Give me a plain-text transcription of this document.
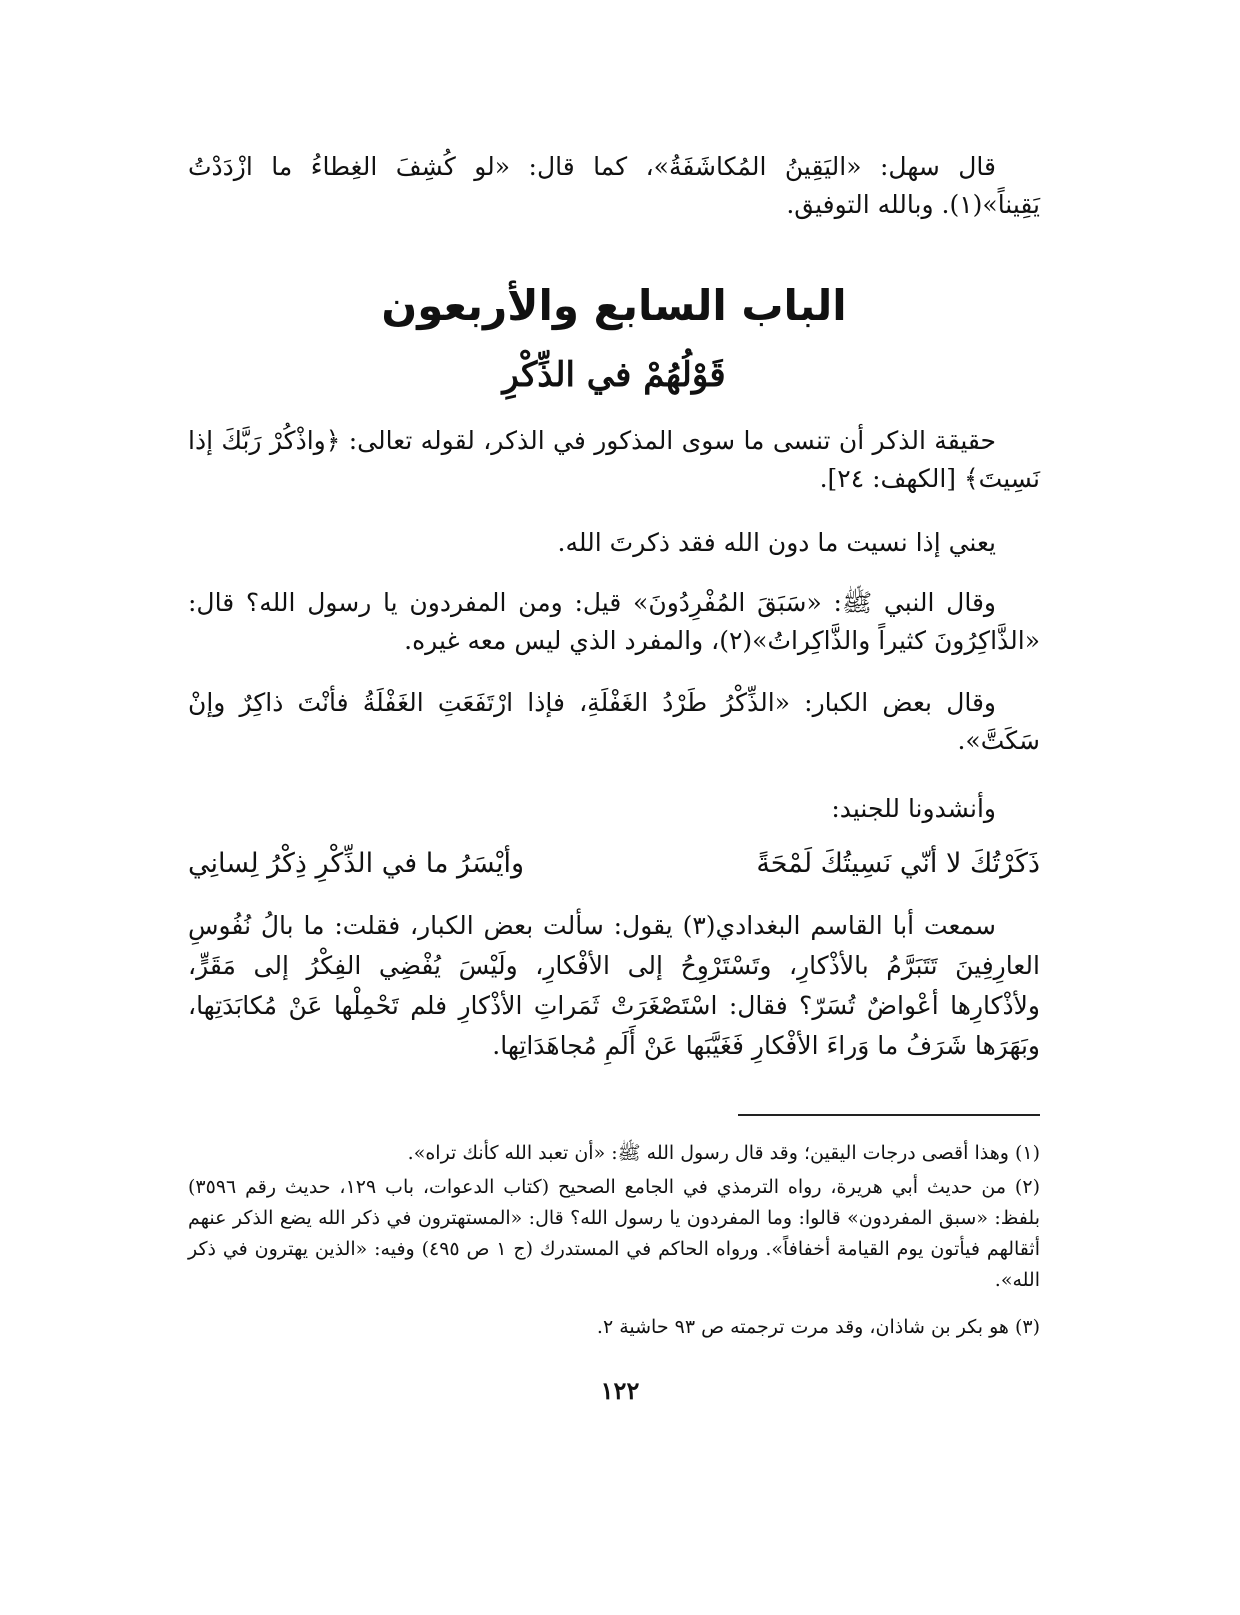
قال سهل: «اليَقِينُ المُكاشَفَةُ»، كما قال: «لو كُشِفَ الغِطاءُ ما ازْدَدْتُ يَقِيناً»(١). وبالله التوفيق.

الباب السابع والأربعون
قَوْلُهُمْ في الذِّكْرِ

حقيقة الذكر أن تنسى ما سوى المذكور في الذكر، لقوله تعالى: ﴿واذْكُرْ رَبَّكَ إذا نَسِيتَ﴾ [الكهف: ٢٤].

يعني إذا نسيت ما دون الله فقد ذكرتَ الله.

وقال النبي ﷺ: «سَبَقَ المُفْرِدُونَ» قيل: ومن المفردون يا رسول الله؟ قال: «الذَّاكِرُونَ كثيراً والذَّاكِراتُ»(٢)، والمفرد الذي ليس معه غيره.

وقال بعض الكبار: «الذِّكْرُ طَرْدُ الغَفْلَةِ، فإذا ارْتَفَعَتِ الغَفْلَةُ فأنْتَ ذاكِرٌ وإنْ سَكَتَّ».

وأنشدونا للجنيد:

ذَكَرْتُكَ لا أنّي نَسِيتُكَ لَمْحَةً
وأيْسَرُ ما في الذِّكْرِ ذِكْرُ لِسانِي

سمعت أبا القاسم البغدادي(٣) يقول: سألت بعض الكبار، فقلت: ما بالُ نُفُوسِ العارِفِينَ تَتَبَرَّمُ بالأذْكارِ، وتَسْتَرْوِحُ إلى الأفْكارِ، ولَيْسَ يُفْضِي الفِكْرُ إلى مَقَرٍّ، ولأذْكارِها أعْواضٌ تُسَرّ؟ فقال: اسْتَصْغَرَتْ ثَمَراتِ الأذْكارِ فلم تَحْمِلْها عَنْ مُكابَدَتِها، وبَهَرَها شَرَفُ ما وَراءَ الأفْكارِ فَغَيَّبَها عَنْ أَلَمِ مُجاهَدَاتِها.

(١) وهذا أقصى درجات اليقين؛ وقد قال رسول الله ﷺ: «أن تعبد الله كأنك تراه».

(٢) من حديث أبي هريرة، رواه الترمذي في الجامع الصحيح (كتاب الدعوات، باب ١٢٩، حديث رقم ٣٥٩٦) بلفظ: «سبق المفردون» قالوا: وما المفردون يا رسول الله؟ قال: «المستهترون في ذكر الله يضع الذكر عنهم أثقالهم فيأتون يوم القيامة أخفافاً». ورواه الحاكم في المستدرك (ج ١ ص ٤٩٥) وفيه: «الذين يهترون في ذكر الله».

(٣) هو بكر بن شاذان، وقد مرت ترجمته ص ٩٣ حاشية ٢.

١٢٢
